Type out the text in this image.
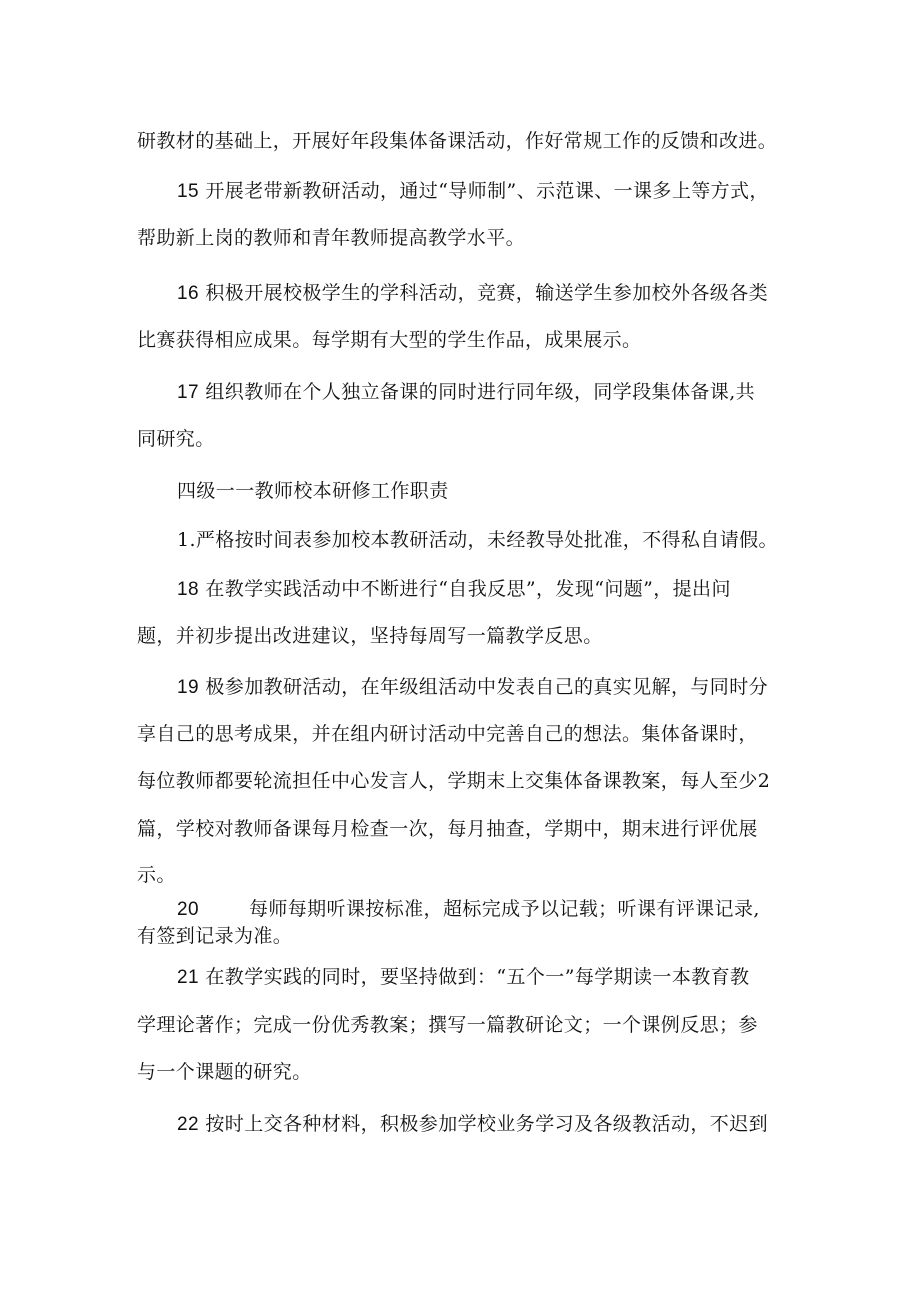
研教材的基础上，开展好年段集体备课活动，作好常规工作的反馈和改进。
15 开展老带新教研活动，通过“导师制”、示范课、一课多上等方式，
帮助新上岗的教师和青年教师提高教学水平。
16 积极开展校极学生的学科活动，竞赛，输送学生参加校外各级各类
比赛获得相应成果。每学期有大型的学生作品，成果展示。
17 组织教师在个人独立备课的同时进行同年级，同学段集体备课,共
同研究。
四级一一教师校本研修工作职责
1.严格按时间表参加校本教研活动，未经教导处批准，不得私自请假。
18 在教学实践活动中不断进行“自我反思”，发现“问题”，提出问
题，并初步提出改进建议，坚持每周写一篇教学反思。
19 极参加教研活动，在年级组活动中发表自己的真实见解，与同时分
享自己的思考成果，并在组内研讨活动中完善自己的想法。集体备课时，
每位教师都要轮流担任中心发言人，学期末上交集体备课教案，每人至少2
篇，学校对教师备课每月检查一次，每月抽查，学期中，期末进行评优展
示。
20	每师每期听课按标准，超标完成予以记载；听课有评课记录,
有签到记录为准。
21 在教学实践的同时，要坚持做到：“五个一”每学期读一本教育教
学理论著作；完成一份优秀教案；撰写一篇教研论文；一个课例反思；参
与一个课题的研究。
22 按时上交各种材料，积极参加学校业务学习及各级教活动，不迟到
